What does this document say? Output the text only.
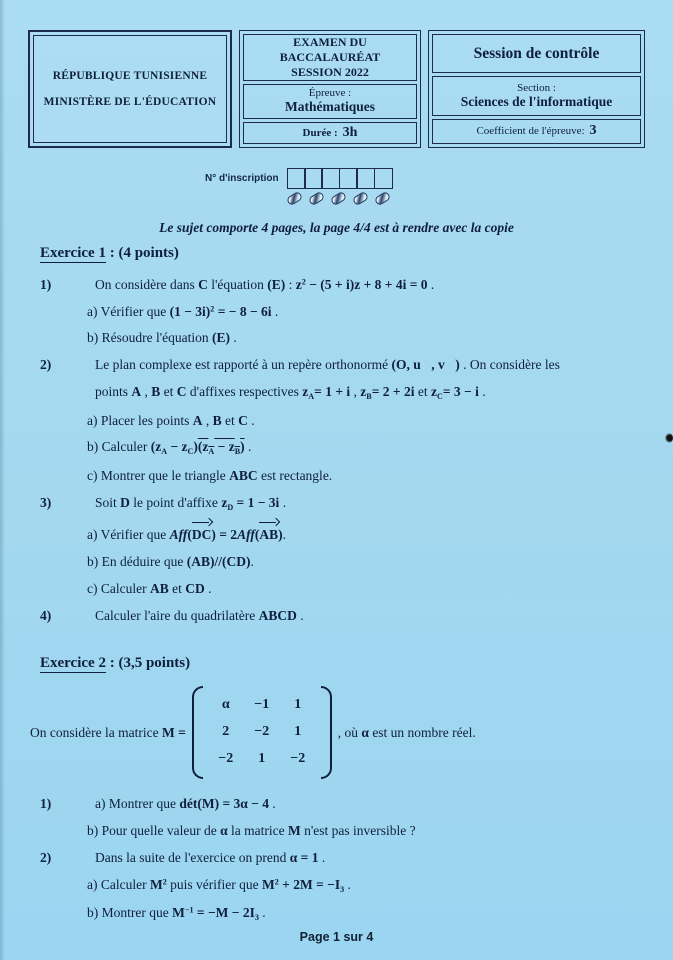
RÉPUBLIQUE TUNISIENNE
MINISTÈRE DE L'ÉDUCATION
EXAMEN DU BACCALAURÉAT
SESSION 2022
Épreuve :
Mathématiques
Durée : 3h
Session de contrôle
Section :
Sciences de l'informatique
Coefficient de l'épreuve: 3
N° d'inscription
Le sujet comporte 4 pages, la page 4/4 est à rendre avec la copie
Exercice 1 : (4 points)
1)	On considère dans C l'équation (E) : $z^2 - (5 + i)z + 8 + 4i = 0$ .
a) Vérifier que $(1 - 3i)^2$ = − 8 − 6i .
b) Résoudre l'équation (E) .
2)	Le plan complexe est rapporté à un repère orthonormé (O, u⃗, v⃗) . On considère les
points A , B et C d'affixes respectives $z_A= 1 + i$ , $z_B= 2 + 2i$ et $z_C= 3 - i$ .
a) Placer les points A , B et C .
b) Calculer $(z_A - z_C)(z_A - z_B)$ .
c) Montrer que le triangle ABC est rectangle.
3)	Soit D le point d'affixe $z_D = 1 - 3i$ .
a) Vérifier que Aff(DC) = 2Aff(AB).
b) En déduire que (AB)//(CD).
c) Calculer AB et CD .
4)	Calculer l'aire du quadrilatère ABCD .
Exercice 2 : (3,5 points)
On considère la matrice M =
α	−1	1
2	−2	1
−2	1	−2
, où α est un nombre réel.
1)	a) Montrer que dét(M) = 3α − 4 .
b) Pour quelle valeur de α la matrice M n'est pas inversible ?
2)	Dans la suite de l'exercice on prend α = 1 .
a) Calculer $M^2$ puis vérifier que $M^2 + 2M = -I_3$ .
b) Montrer que $M^{-1} = -M - 2I_3$ .
Page 1 sur 4
